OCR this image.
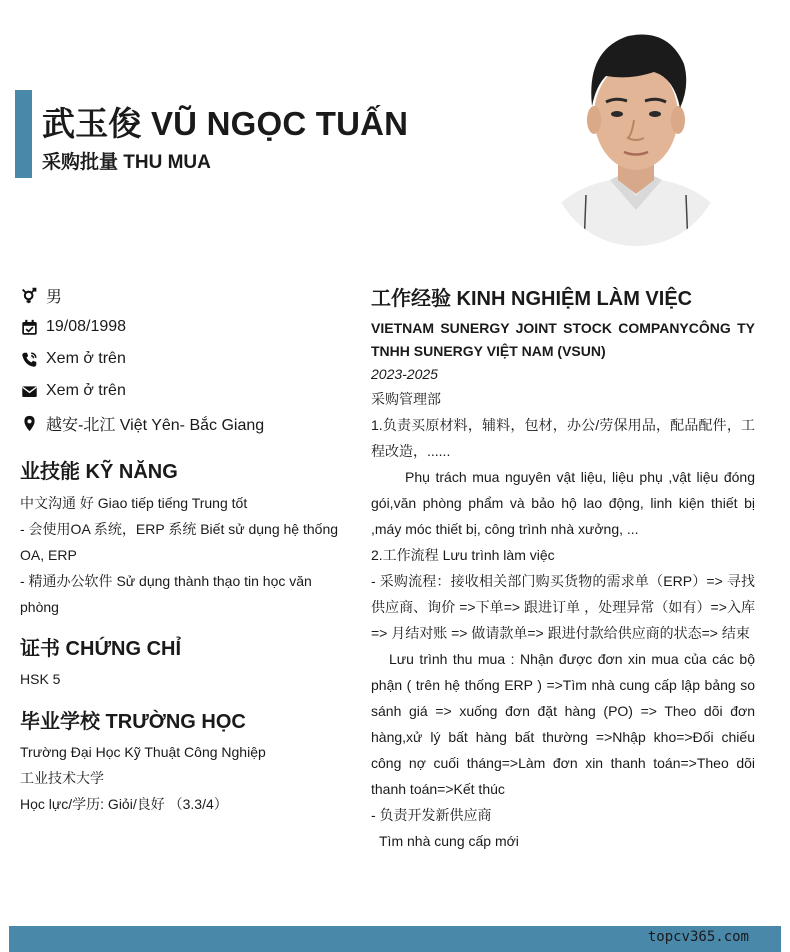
武玉俊 VŨ NGỌC TUẤN
采购批量 THU MUA
男
19/08/1998
Xem ở trên
Xem ở trên
越安-北江 Việt Yên- Bắc Giang
业技能 KỸ NĂNG
中文沟通 好 Giao tiếp tiếng Trung tốt
- 会使用OA 系统，ERP 系统 Biết sử dụng hệ thống OA, ERP
- 精通办公软件 Sử dụng thành thạo tin học văn phòng
证书 CHỨNG CHỈ
HSK 5
毕业学校 TRƯỜNG HỌC
Trường Đại Học Kỹ Thuật Công Nghiệp
工业技术大学
Học lực/学历: Giỏi/良好 （3.3/4）
工作经验 KINH NGHIỆM LÀM VIỆC
VIETNAM SUNERGY JOINT STOCK COMPANYCÔNG TY TNHH SUNERGY VIỆT NAM (VSUN)
2023-2025
采购管理部
1.负责买原材料，辅料，包材，办公/劳保用品，配品配件，工程改造，......
Phụ trách mua nguyên vật liệu, liệu phụ ,vật liệu đóng gói,văn phòng phẩm và bảo hộ lao động, linh kiện thiết bị ,máy móc thiết bị, công trình nhà xưởng, ...
2.工作流程 Lưu trình làm việc
- 采购流程：接收相关部门购买货物的需求单（ERP）=> 寻找供应商、询价 =>下单=> 跟进订单 ，处理异常（如有）=>入库=> 月结对账 => 做请款单=> 跟进付款给供应商的状态=> 结束
Lưu trình thu mua : Nhận được đơn xin mua của các bộ phận ( trên hệ thống ERP ) =>Tìm nhà cung cấp lập bảng so sánh giá => xuống đơn đặt hàng (PO) => Theo dõi đơn hàng,xử lý bất hàng bất thường =>Nhập kho=>Đối chiếu công nợ cuối tháng=>Làm đơn xin thanh toán=>Theo dõi thanh toán=>Kết thúc
- 负责开发新供应商
Tìm nhà cung cấp mới
topcv365.com
